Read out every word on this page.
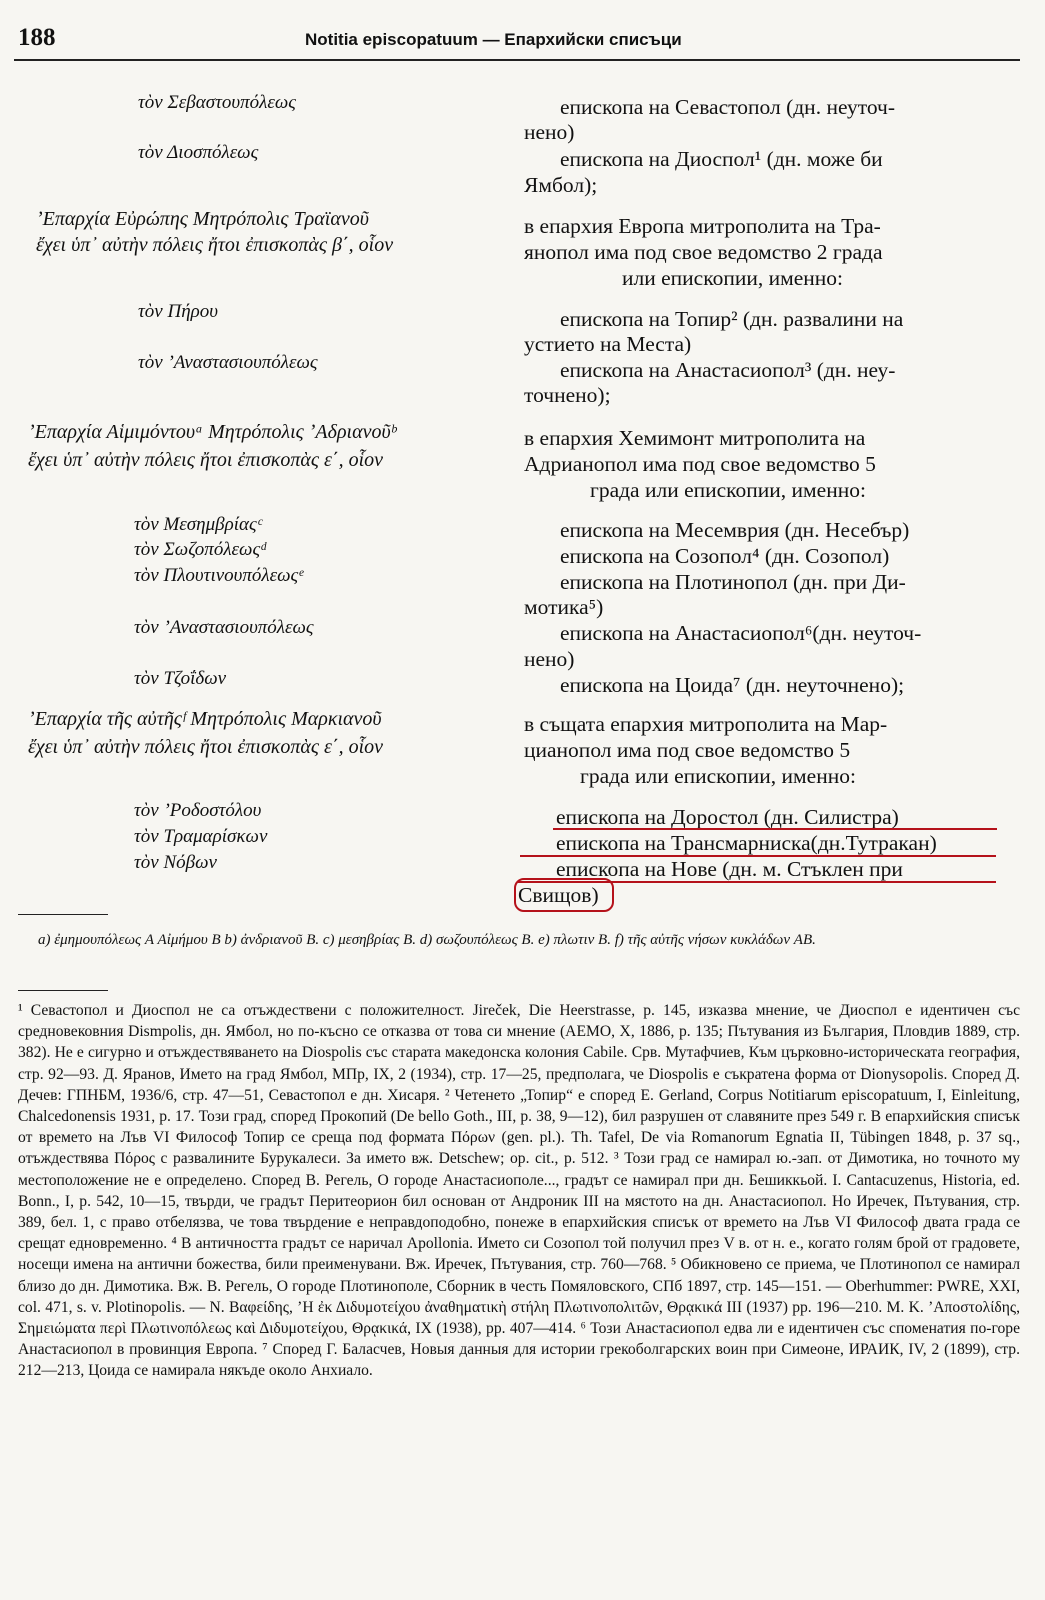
188	Notitia episcopatuum — Епархийски списъци
τὸν Σεβαστουπόλεως
τὸν Διοσπόλεως
ʼΕπαρχία Εὐρώπης Μητρόπολις Τραϊανοῦ
ἔχει ὑπ᾽ αὐτὴν πόλεις ἤτοι ἐπισκοπὰς β΄, οἷον
τὸν Πήρου
τὸν ʼΑναστασιουπόλεως
ʼΕπαρχία Αἱμιμόντουᵃ Μητρόπολις ʼΑδριανοῦᵇ
ἔχει ὑπ᾽ αὐτὴν πόλεις ἤτοι ἐπισκοπὰς ε΄, οἷον
τὸν Μεσημβρίαςᶜ
τὸν Σωζοπόλεωςᵈ
τὸν Πλουτινουπόλεωςᵉ
τὸν ʼΑναστασιουπόλεως
τὸν Τζοΐδων
ʼΕπαρχία τῆς αὐτῆςᶠ Μητρόπολις Μαρκιανοῦ
ἔχει ὑπ᾽ αὐτὴν πόλεις ἤτοι ἐπισκοπὰς ε΄, οἷον
τὸν ʼΡοδοστόλου
τὸν Τραμαρίσκων
τὸν Νόβων
епископа на Севастопол (дн. неуточ-
нено)
епископа на Диоспол¹ (дн. може би
Ямбол);
в епархия Европа митрополита на Тра-
янопол има под свое ведомство 2 града
или епископии, именно:
епископа на Топир² (дн. развалини на
устието на Места)
епископа на Анастасиопол³ (дн. неу-
точнено);
в епархия Хемимонт митрополита на
Адрианопол има под свое ведомство 5
града или епископии, именно:
епископа на Месемврия (дн. Несебър)
епископа на Созопол⁴ (дн. Созопол)
епископа на Плотинопол (дн. при Ди-
мотика⁵)
епископа на Анастасиопол⁶(дн. неуточ-
нено)
епископа на Цоида⁷ (дн. неуточнено);
в същата епархия митрополита на Мар-
цианопол има под свое ведомство 5
града или епископии, именно:
епископа на Доростол (дн. Силистра)
епископа на Трансмарниска(дн.Тутракан)
епископа на Нове (дн. м. Стъклен при
Свищов)
a) ἐμημουπόλεως A Αἰμήμου B b) ἀνδριανοῦ B. c) μεσηβρίας B. d) σωζουπόλεως B. e) πλωτιν B. f) τῆς αὐτῆς νήσων κυκλάδων AB.

¹ Севастопол и Диоспол не са отъждествени с положителност. Jireček, Die Heerstrasse, p. 145, изказва мнение, че Диоспол е идентичен със средновековния Dismpolis, дн. Ямбол, но по-късно се отказва от това си мнение (АЕМО, X, 1886, p. 135; Пътувания из България, Пловдив 1889, стр. 382). Не е сигурно и отъждествяването на Diospolis със старата македонска колония Cabile. Срв. Мутафчиев, Към църковно-историческата география, стр. 92—93. Д. Яранов, Името на град Ямбол, МПр, IX, 2 (1934), стр. 17—25, предполага, че Diospolis е съкратена форма от Dionysopolis. Според Д. Дечев: ГПНБМ, 1936/6, стр. 47—51, Севастопол е дн. Хисаря. ² Четенето „Топир“ е според E. Gerland, Corpus Notitiarum episcopatuum, I, Einleitung, Chalcedonensis 1931, p. 17. Този град, според Прокопий (De bello Goth., III, p. 38, 9—12), бил разрушен от славяните през 549 г. В епархийския списък от времето на Лъв VI Философ Топир се среща под формата Πόρων (gen. pl.). Th. Tafel, De via Romanorum Egnatia II, Tübingen 1848, p. 37 sq., отъждествява Πόρος с развалините Бурукалеси. За името вж. Detschew; op. cit., p. 512. ³ Този град се намирал ю.-зап. от Димотика, но точното му местоположение не е определено. Според В. Регель, О городе Анастасиополе..., градът се намирал при дн. Бешиккьой. I. Cantacuzenus, Historia, ed. Bonn., I, p. 542, 10—15, твърди, че градът Перитеорион бил основан от Андроник III на мястото на дн. Анастасиопол. Но Иречек, Пътувания, стр. 389, бел. 1, с право отбелязва, че това твърдение е неправдоподобно, понеже в епархийския списък от времето на Лъв VI Философ двата града се срещат едновременно. ⁴ В античността градът се наричал Apollonia. Името си Созопол той получил през V в. от н. е., когато голям брой от градовете, носещи имена на антични божества, били преименувани. Вж. Иречек, Пътувания, стр. 760—768. ⁵ Обикновено се приема, че Плотинопол се намирал близо до дн. Димотика. Вж. В. Регель, О городе Плотинополе, Сборник в честь Помяловского, СПб 1897, стр. 145—151. — Oberhummer: PWRE, XXI, col. 471, s. v. Plotinopolis. — N. Βαφείδης, ʼΗ ἐκ Διδυμοτείχου ἀναθηματικὴ στήλη Πλωτινοπολιτῶν, Θρᾳκικά III (1937) pp. 196—210. M. K. ʼΑποστολίδης, Σημειώματα περὶ Πλωτινοπόλεως καὶ Διδυμοτείχου, Θρᾳκικά, IX (1938), pp. 407—414. ⁶ Този Анастасиопол едва ли е идентичен със споменатия по-горе Анастасиопол в провинция Европа. ⁷ Според Г. Баласчев, Новыя данныя для истории грекоболгарских воин при Симеоне, ИРАИК, IV, 2 (1899), стр. 212—213, Цоида се намирала някъде около Анхиало.
